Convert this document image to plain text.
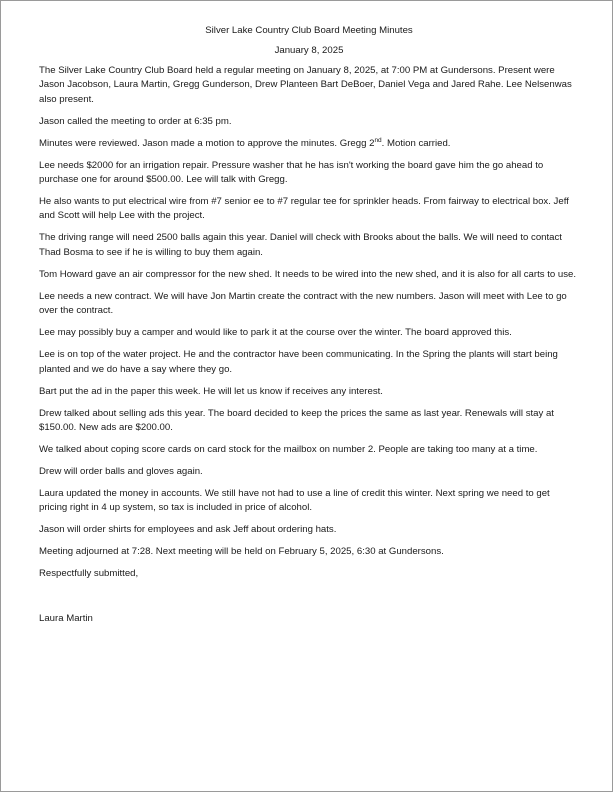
Silver Lake Country Club Board Meeting Minutes

January 8, 2025

The Silver Lake Country Club Board held a regular meeting on January 8, 2025, at 7:00 PM at Gundersons. Present were Jason Jacobson, Laura Martin, Gregg Gunderson, Drew Planteen Bart DeBoer, Daniel Vega and Jared Rahe. Lee Nelsenwas also present.

Jason called the meeting to order at 6:35 pm.

Minutes were reviewed. Jason made a motion to approve the minutes. Gregg 2nd. Motion carried.

Lee needs $2000 for an irrigation repair. Pressure washer that he has isn't working the board gave him the go ahead to purchase one for around $500.00. Lee will talk with Gregg.

He also wants to put electrical wire from #7 senior ee to #7 regular tee for sprinkler heads. From fairway to electrical box. Jeff and Scott will help Lee with the project.

The driving range will need 2500 balls again this year. Daniel will check with Brooks about the balls. We will need to contact Thad Bosma to see if he is willing to buy them again.

Tom Howard gave an air compressor for the new shed. It needs to be wired into the new shed, and it is also for all carts to use.

Lee needs a new contract. We will have Jon Martin create the contract with the new numbers. Jason will meet with Lee to go over the contract.

Lee may possibly buy a camper and would like to park it at the course over the winter. The board approved this.

Lee is on top of the water project. He and the contractor have been communicating. In the Spring the plants will start being planted and we do have a say where they go.

Bart put the ad in the paper this week. He will let us know if receives any interest.

Drew talked about selling ads this year. The board decided to keep the prices the same as last year. Renewals will stay at $150.00. New ads are $200.00.

We talked about coping score cards on card stock for the mailbox on number 2. People are taking too many at a time.

Drew will order balls and gloves again.

Laura updated the money in accounts. We still have not had to use a line of credit this winter. Next spring we need to get pricing right in 4 up system, so tax is included in price of alcohol.

Jason will order shirts for employees and ask Jeff about ordering hats.

Meeting adjourned at 7:28. Next meeting will be held on February 5, 2025, 6:30 at Gundersons.

Respectfully submitted,

Laura Martin
